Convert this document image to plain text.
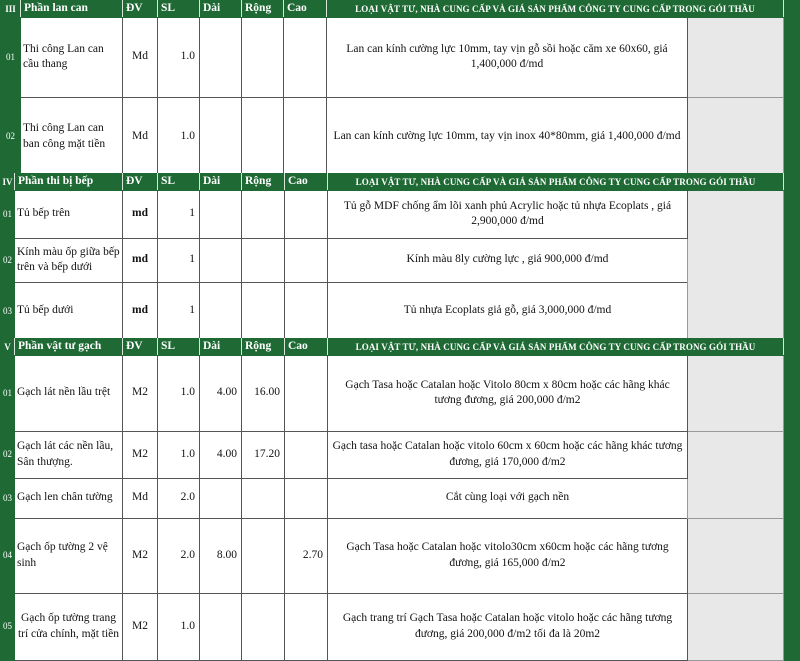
III	Phần lan can	ĐV	SL	Dài	Rộng	Cao	LOẠI VẬT TƯ, NHÀ CUNG CẤP VÀ GIÁ SẢN PHẨM CÔNG TY CUNG CẤP TRONG GÓI THẦU	
01	Thi công Lan can cầu thang	Md	1.0				Lan can kính cường lực 10mm, tay vịn gỗ sồi hoặc căm xe 60x60, giá 1,400,000 đ/md	

02	Thi công Lan can ban công mặt tiền	Md	1.0				Lan can kính cường lực 10mm, tay vịn inox 40*80mm, giá 1,400,000 đ/md	
IV	Phần thi bị bếp	ĐV	SL	Dài	Rộng	Cao	LOẠI VẬT TƯ, NHÀ CUNG CẤP VÀ GIÁ SẢN PHẨM CÔNG TY CUNG CẤP TRONG GÓI THẦU	
01	Tủ bếp trên	md	1				Tủ gỗ MDF chống ẩm lõi xanh phủ Acrylic hoặc tủ nhựa Ecoplats , giá 2,900,000 đ/md	

02	Kính màu ốp giữa bếp trên và bếp dưới	md	1				Kính màu 8ly cường lực , giá 900,000 đ/md	
03	Tủ bếp dưới	md	1				Tủ nhựa Ecoplats giả gỗ, giá 3,000,000 đ/md	
V	Phần vật tư gạch	ĐV	SL	Dài	Rộng	Cao	LOẠI VẬT TƯ, NHÀ CUNG CẤP VÀ GIÁ SẢN PHẨM CÔNG TY CUNG CẤP TRONG GÓI THẦU	
01	Gạch lát nền lầu trệt	M2	1.0	4.00	16.00		Gạch Tasa hoặc Catalan hoặc Vitolo 80cm x 80cm hoặc các hãng khác tương đương, giá 200,000 đ/m2	

02	Gạch lát các nền lầu, Sân thượng.	M2	1.0	4.00	17.20		Gạch tasa hoặc Catalan hoặc vitolo 60cm x 60cm hoặc các hãng khác tương đương, giá 170,000 đ/m2	

03	Gạch len chân tường	Md	2.0				Cắt cùng loại với gạch nền	
04	Gạch ốp tường 2 vệ sinh	M2	2.0	8.00		2.70	Gạch Tasa hoặc Catalan hoặc vitolo30cm x60cm hoặc các hãng tương đương, giá 165,000 đ/m2	

05	Gạch ốp tường trang trí cửa chính, mặt tiền	M2	1.0				Gạch trang trí Gạch Tasa hoặc Catalan hoặc vitolo hoặc các hãng tương đương, giá 200,000 đ/m2 tối đa là 20m2	
